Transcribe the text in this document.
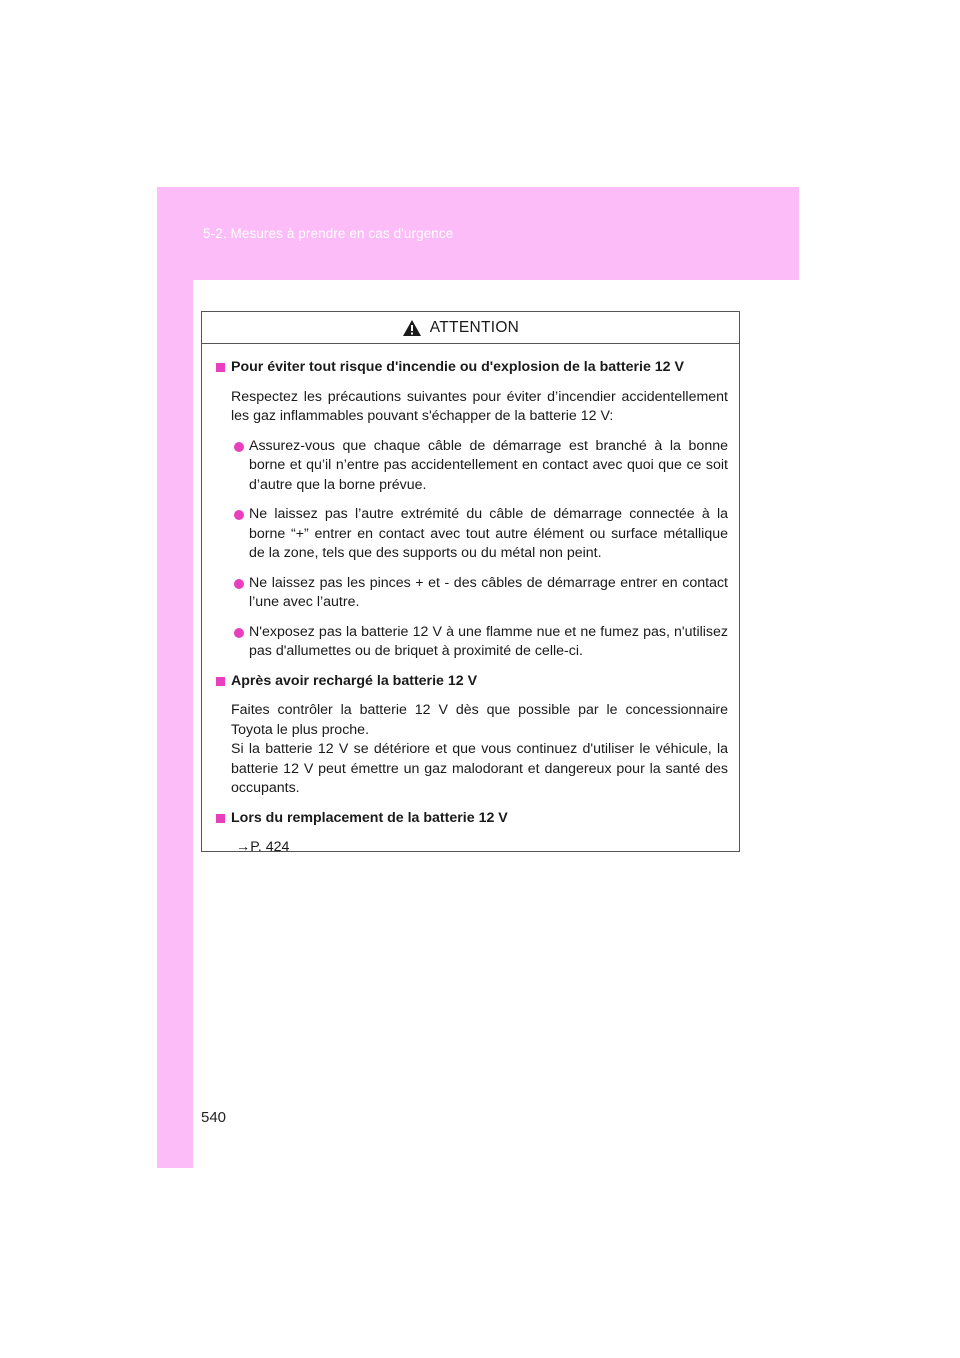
5-2. Mesures à prendre en cas d'urgence
ATTENTION
Pour éviter tout risque d'incendie ou d'explosion de la batterie 12 V
Respectez les précautions suivantes pour éviter d’incendier accidentellement les gaz inflammables pouvant s'échapper de la batterie 12 V:
Assurez-vous que chaque câble de démarrage est branché à la bonne borne et qu’il n’entre pas accidentellement en contact avec quoi que ce soit d’autre que la borne prévue.
Ne laissez pas l’autre extrémité du câble de démarrage connectée à la borne “+” entrer en contact avec tout autre élément ou surface métallique de la zone, tels que des supports ou du métal non peint.
Ne laissez pas les pinces + et - des câbles de démarrage entrer en contact l’une avec l’autre.
N'exposez pas la batterie 12 V à une flamme nue et ne fumez pas, n'utilisez pas d'allumettes ou de briquet à proximité de celle-ci.
Après avoir rechargé la batterie 12 V
Faites contrôler la batterie 12 V dès que possible par le concessionnaire Toyota le plus proche.
Si la batterie 12 V se détériore et que vous continuez d'utiliser le véhicule, la batterie 12 V peut émettre un gaz malodorant et dangereux pour la santé des occupants.
Lors du remplacement de la batterie 12 V
→P. 424
540
